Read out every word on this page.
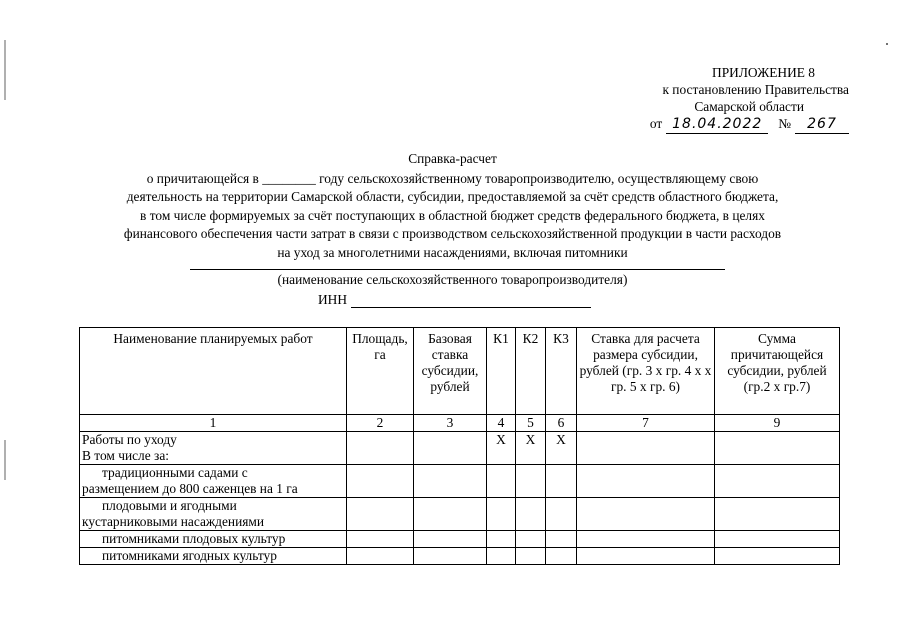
ПРИЛОЖЕНИЕ 8
к постановлению Правительства
Самарской области
от 18.04.2022	№	267
Справка-расчет
о причитающейся в ________ году сельскохозяйственному товаропроизводителю, осуществляющему свою
деятельность на территории Самарской области, субсидии, предоставляемой за счёт средств областного бюджета,
в том числе формируемых за счёт поступающих в областной бюджет средств федерального бюджета, в целях
финансового обеспечения части затрат в связи с производством сельскохозяйственной продукции в части расходов
на уход за многолетними насаждениями, включая питомники
(наименование сельскохозяйственного товаропроизводителя)
ИНН
Наименование планируемых работ	Площадь, га	Базовая ставка субсидии, рублей	К1	К2	К3	Ставка для расчета размера субсидии, рублей (гр. 3 х гр. 4 х х гр. 5 х гр. 6)	Сумма причитающейся субсидии, рублей (гр.2 х гр.7)
1	2	3	4	5	6	7	9

Работы по уходу
В том числе за:			Х	Х	Х		

традиционными садами с
размещением до 800 саженцев на 1 га							

плодовыми и ягодными
кустарниковыми насаждениями							

питомниками плодовых культур							
питомниками ягодных культур							
